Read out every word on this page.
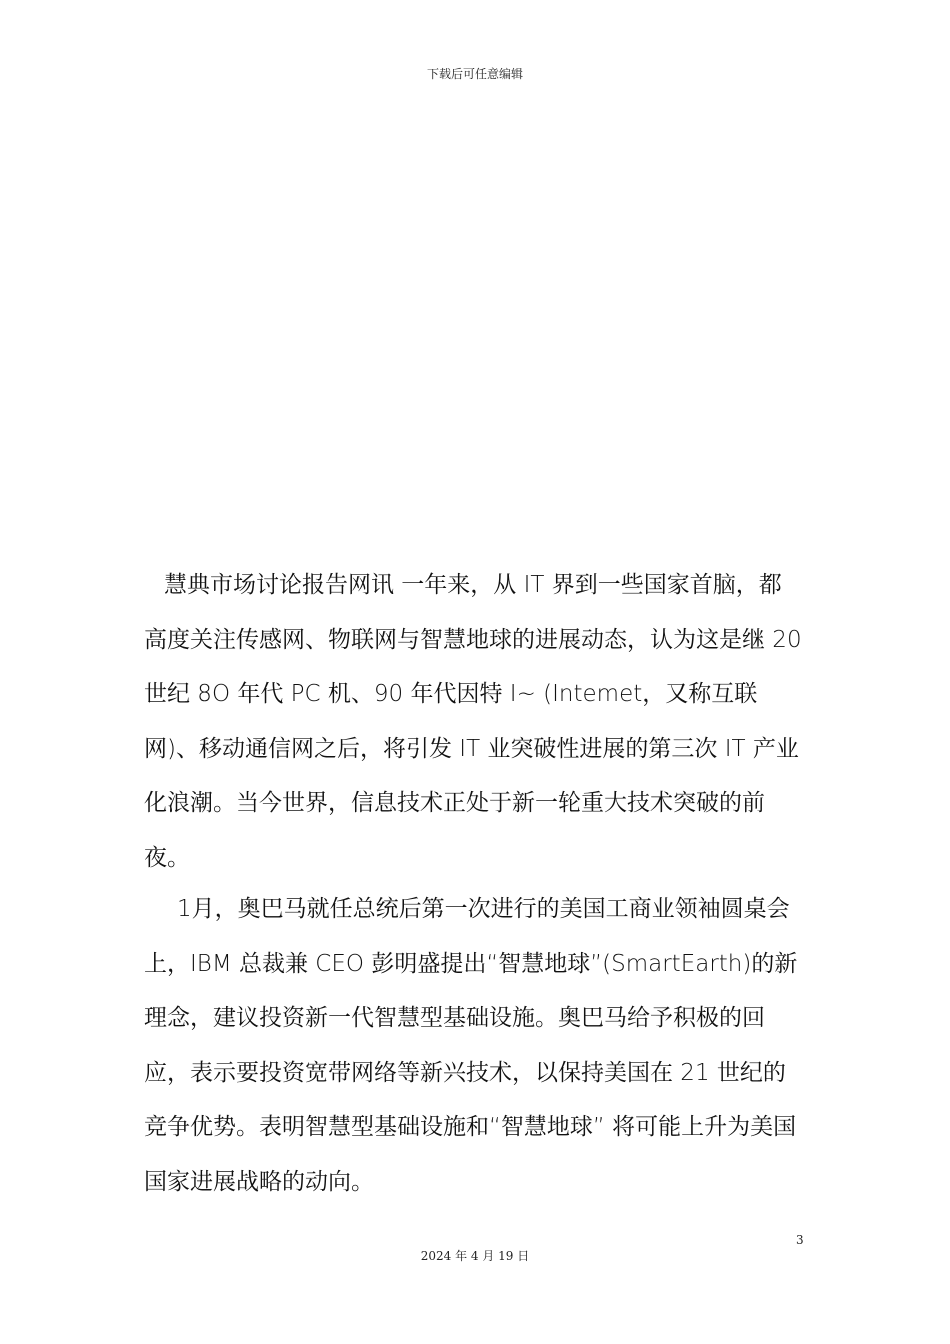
下载后可任意编辑

慧典市场讨论报告网讯 一年来，从 IT 界到一些国家首脑，都高度关注传感网、物联网与智慧地球的进展动态，认为这是继 20 世纪 8O 年代 PC 机、90 年代因特 I~ (Intemet，又称互联网)、移动通信网之后，将引发 IT 业突破性进展的第三次 IT 产业化浪潮。当今世界，信息技术正处于新一轮重大技术突破的前夜。

1月，奥巴马就任总统后第一次进行的美国工商业领袖圆桌会上，IBM 总裁兼 CEO 彭明盛提出“智慧地球”(SmartEarth)的新理念，建议投资新一代智慧型基础设施。奥巴马给予积极的回应，表示要投资宽带网络等新兴技术，以保持美国在 21 世纪的竞争优势。表明智慧型基础设施和“智慧地球” 将可能上升为美国国家进展战略的动向。

3
2024 年 4 月 19 日
